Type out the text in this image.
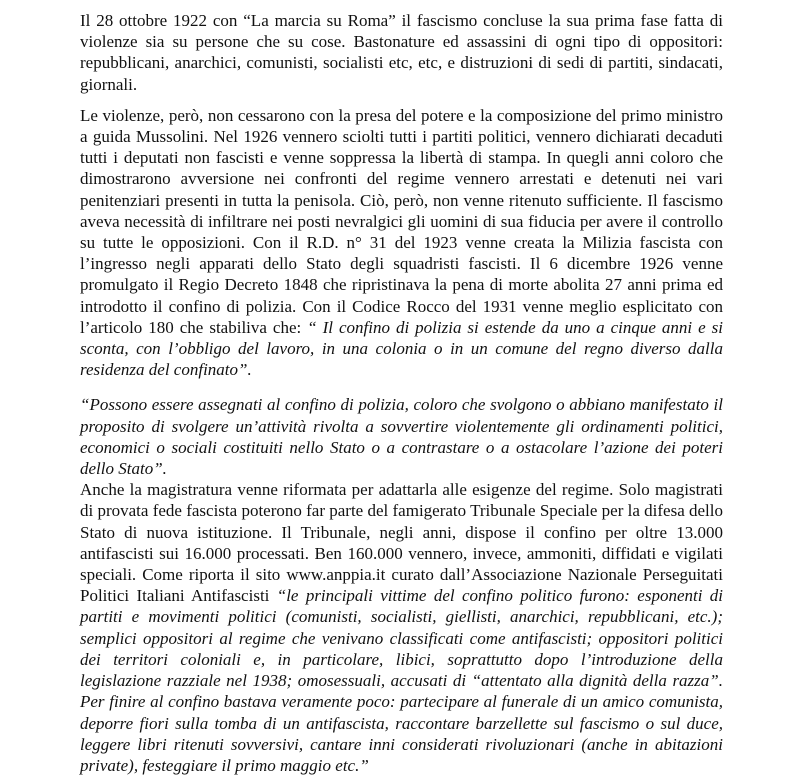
Il 28 ottobre 1922 con “La marcia su Roma” il fascismo concluse la sua prima fase fatta di violenze sia su persone che su cose. Bastonature ed assassini di ogni tipo di oppositori: repubblicani, anarchici, comunisti, socialisti etc, etc, e distruzioni di sedi di partiti, sindacati, giornali.

Le violenze, però, non cessarono con la presa del potere e la composizione del primo ministro a guida Mussolini. Nel 1926 vennero sciolti tutti i partiti politici, vennero dichiarati decaduti tutti i deputati non fascisti e venne soppressa la libertà di stampa. In quegli anni coloro che dimostrarono avversione nei confronti del regime vennero arrestati e detenuti nei vari penitenziari presenti in tutta la penisola. Ciò, però, non venne ritenuto sufficiente. Il fascismo aveva necessità di infiltrare nei posti nevralgici gli uomini di sua fiducia per avere il controllo su tutte le opposizioni. Con il R.D. n° 31 del 1923 venne creata la Milizia fascista con l’ingresso negli apparati dello Stato degli squadristi fascisti. Il 6 dicembre 1926 venne promulgato il Regio Decreto 1848 che ripristinava la pena di morte abolita 27 anni prima ed introdotto il confino di polizia. Con il Codice Rocco del 1931 venne meglio esplicitato con l’articolo 180 che stabiliva che: “ Il confino di polizia si estende da uno a cinque anni e si sconta, con l’obbligo del lavoro, in una colonia o in un comune del regno diverso dalla residenza del confinato”.

“Possono essere assegnati al confino di polizia, coloro che svolgono o abbiano manifestato il proposito di svolgere un’attività rivolta a sovvertire violentemente gli ordinamenti politici, economici o sociali costituiti nello Stato o a contrastare o a ostacolare l’azione dei poteri dello Stato”.

Anche la magistratura venne riformata per adattarla alle esigenze del regime. Solo magistrati di provata fede fascista poterono far parte del famigerato Tribunale Speciale per la difesa dello Stato di nuova istituzione. Il Tribunale, negli anni, dispose il confino per oltre 13.000 antifascisti sui 16.000 processati. Ben 160.000 vennero, invece, ammoniti, diffidati e vigilati speciali. Come riporta il sito www.anppia.it curato dall’Associazione Nazionale Perseguitati Politici Italiani Antifascisti “le principali vittime del confino politico furono: esponenti di partiti e movimenti politici (comunisti, socialisti, giellisti, anarchici, repubblicani, etc.); semplici oppositori al regime che venivano classificati come antifascisti; oppositori politici dei territori coloniali e, in particolare, libici, soprattutto dopo l’introduzione della legislazione razziale nel 1938; omosessuali, accusati di “attentato alla dignità della razza”. Per finire al confino bastava veramente poco: partecipare al funerale di un amico comunista, deporre fiori sulla tomba di un antifascista, raccontare barzellette sul fascismo o sul duce, leggere libri ritenuti sovversivi, cantare inni considerati rivoluzionari (anche in abitazioni private), festeggiare il primo maggio etc.”
